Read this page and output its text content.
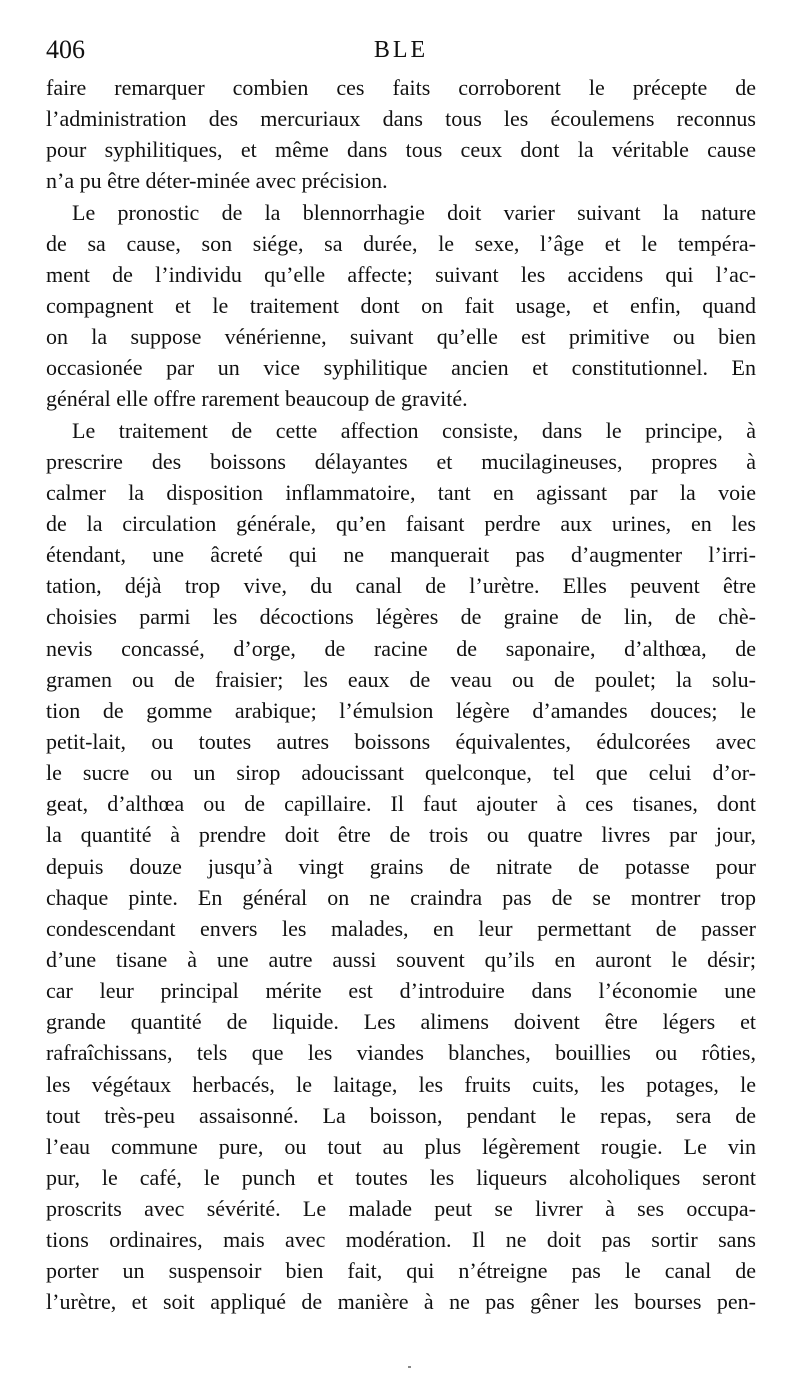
406	BLE
faire remarquer combien ces faits corroborent le précepte de
l’administration des mercuriaux dans tous les écoulemens reconnus
pour syphilitiques, et même dans tous ceux dont la véritable cause
n’a pu être déter-minée avec précision.
Le pronostic de la blennorrhagie doit varier suivant la nature
de sa cause, son siége, sa durée, le sexe, l’âge et le tempéra-
ment de l’individu qu’elle affecte; suivant les accidens qui l’ac-
compagnent et le traitement dont on fait usage, et enfin, quand
on la suppose vénérienne, suivant qu’elle est primitive ou bien
occasionée par un vice syphilitique ancien et constitutionnel. En
général elle offre rarement beaucoup de gravité.
Le traitement de cette affection consiste, dans le principe, à
prescrire des boissons délayantes et mucilagineuses, propres à
calmer la disposition inflammatoire, tant en agissant par la voie
de la circulation générale, qu’en faisant perdre aux urines, en les
étendant, une âcreté qui ne manquerait pas d’augmenter l’irri-
tation, déjà trop vive, du canal de l’urètre. Elles peuvent être
choisies parmi les décoctions légères de graine de lin, de chè-
nevis concassé, d’orge, de racine de saponaire, d’althœa, de
gramen ou de fraisier; les eaux de veau ou de poulet; la solu-
tion de gomme arabique; l’émulsion légère d’amandes douces; le
petit-lait, ou toutes autres boissons équivalentes, édulcorées avec
le sucre ou un sirop adoucissant quelconque, tel que celui d’or-
geat, d’althœa ou de capillaire. Il faut ajouter à ces tisanes, dont
la quantité à prendre doit être de trois ou quatre livres par jour,
depuis douze jusqu’à vingt grains de nitrate de potasse pour
chaque pinte. En général on ne craindra pas de se montrer trop
condescendant envers les malades, en leur permettant de passer
d’une tisane à une autre aussi souvent qu’ils en auront le désir;
car leur principal mérite est d’introduire dans l’économie une
grande quantité de liquide. Les alimens doivent être légers et
rafraîchissans, tels que les viandes blanches, bouillies ou rôties,
les végétaux herbacés, le laitage, les fruits cuits, les potages, le
tout très-peu assaisonné. La boisson, pendant le repas, sera de
l’eau commune pure, ou tout au plus légèrement rougie. Le vin
pur, le café, le punch et toutes les liqueurs alcoholiques seront
proscrits avec sévérité. Le malade peut se livrer à ses occupa-
tions ordinaires, mais avec modération. Il ne doit pas sortir sans
porter un suspensoir bien fait, qui n’étreigne pas le canal de
l’urètre, et soit appliqué de manière à ne pas gêner les bourses pen-
